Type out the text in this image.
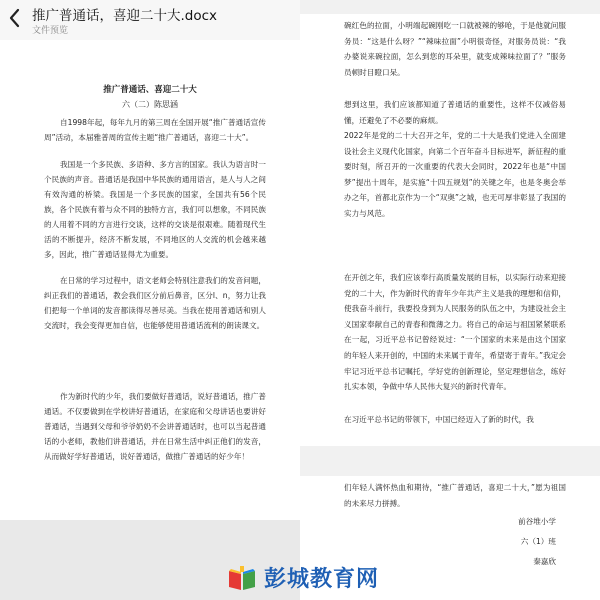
推广普通话，喜迎二十大.docx
文件预览
推广普通话、喜迎二十大
六（二）陈思涵

自1998年起，每年九月的第三周在全国开展“推广普通话宣传周”活动，本届雅普周的宣传主题“推广普通话，喜迎二十大”。

我国是一个多民族、多语种、多方言的国家。我认为语言时一个民族的声音。普通话是我国中华民族的通用语言，是人与人之间有效沟通的桥梁。我国是一个多民族的国家，全国共有56个民族，各个民族有着与众不同的独特方言，我们可以想象，不同民族的人用着不同的方言进行交谈，这样的交谈是很艰难。随着现代生活的不断提升，经济不断发展，不同地区的人交流的机会越来越多，因此，推广普通话显得尤为重要。

在日常的学习过程中，语文老师会特别注意我们的发音问题，纠正我们的普通话，教会我们区分前后鼻音，区分l、n，努力让我们把每一个单词的发音都读得尽善尽美。当我在使用普通话和别人交流时，我会变得更加自信，也能够使用普通话流利的朗读课文。

作为新时代的少年，我们要做好普通话，说好普通话，推广普通话。不仅要做到在学校讲好普通话，在家庭和父母讲话也要讲好普通话，当遇到父母和爷爷奶奶不会讲普通话时，也可以当起普通话的小老师，教他们讲普通话，并在日常生活中纠正他们的发音，从而做好学好普通话，说好普通话，做推广普通话的好少年！

碗红色的拉面，小明端起碗刚吃一口就被辣的够呛，于是他就问服务员：“这是什么呀？”“辣味拉面”小明很奇怪，对服务员说：“我办婆说来碗拉面，怎么到您的耳朵里，就变成辣味拉面了？”服务员顿时目瞪口呆。

想到这里，我们应该都知道了普通话的重要性，这样不仅减俗易懂，还避免了不必要的麻烦。

2022年是党的二十大召开之年，党的二十大是我们党进入全面建设社会主义现代化国家，向第二个百年奋斗目标进军，新征程的重要时刻，所召开的一次重要的代表大会同时，2022年也是“中国梦”提出十周年，是实施“十四五规划”的关键之年，也是冬奥会举办之年，首都北京作为一个“双奥”之城，也无可厚非彰显了我国的实力与风范。

在开创之年，我们应该奉行高质量发展的目标，以实际行动来迎接党的二十大，作为新时代的青年少年共产主义是我的理想和信仰，使我奋斗前行，我要投身到为人民服务的队伍之中，为建设社会主义国家奉献自己的青春和微薄之力。将自己的命运与祖国紧紧联系在一起，习近平总书记曾经说过：“一个国家的未来是由这个国家的年轻人来开创的，中国的未来属于青年，希望寄于青年。”我定会牢记习近平总书记嘱托，学好党的创新理论，坚定理想信念，练好扎实本领，争做中华人民伟大复兴的新时代青年。

在习近平总书记的带领下，中国已经迈入了新的时代，我

们年轻人满怀热血和期待，“推广普通话，喜迎二十大，”愿为祖国的未来尽力拼搏。

前谷堆小学
六（1）班
秦嘉欣
彭城教育网
